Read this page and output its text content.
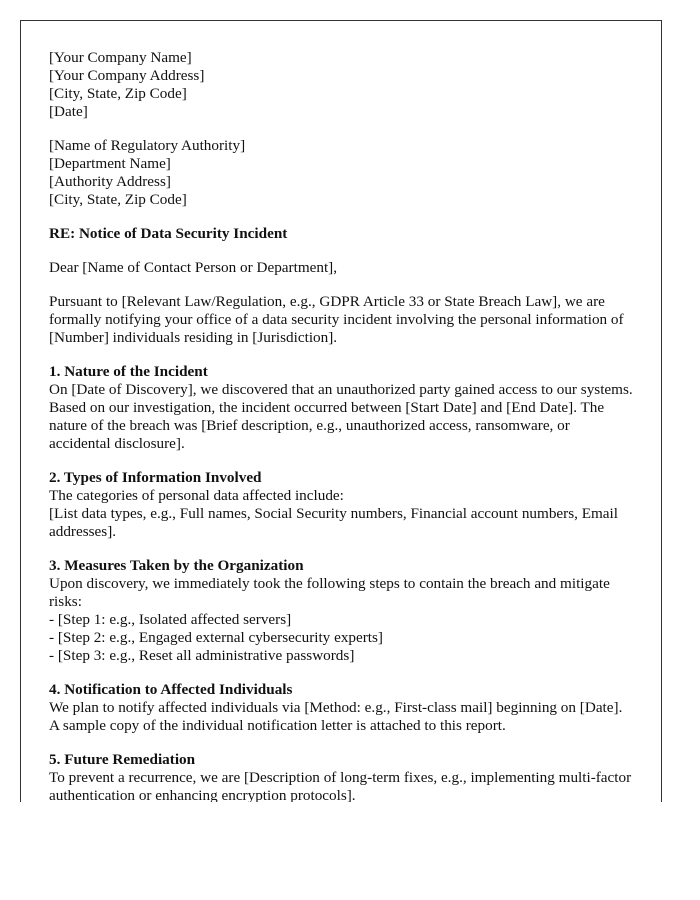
[Your Company Name]
[Your Company Address]
[City, State, Zip Code]
[Date]
[Name of Regulatory Authority]
[Department Name]
[Authority Address]
[City, State, Zip Code]
RE: Notice of Data Security Incident

Dear [Name of Contact Person or Department],

Pursuant to [Relevant Law/Regulation, e.g., GDPR Article 33 or State Breach Law], we are formally notifying your office of a data security incident involving the personal information of [Number] individuals residing in [Jurisdiction].

1. Nature of the Incident
On [Date of Discovery], we discovered that an unauthorized party gained access to our systems. Based on our investigation, the incident occurred between [Start Date] and [End Date]. The nature of the breach was [Brief description, e.g., unauthorized access, ransomware, or accidental disclosure].
2. Types of Information Involved
The categories of personal data affected include:
[List data types, e.g., Full names, Social Security numbers, Financial account numbers, Email addresses].
3. Measures Taken by the Organization
Upon discovery, we immediately took the following steps to contain the breach and mitigate risks:
- [Step 1: e.g., Isolated affected servers]
- [Step 2: e.g., Engaged external cybersecurity experts]
- [Step 3: e.g., Reset all administrative passwords]
4. Notification to Affected Individuals
We plan to notify affected individuals via [Method: e.g., First-class mail] beginning on [Date]. A sample copy of the individual notification letter is attached to this report.
5. Future Remediation
To prevent a recurrence, we are [Description of long-term fixes, e.g., implementing multi-factor authentication or enhancing encryption protocols].
